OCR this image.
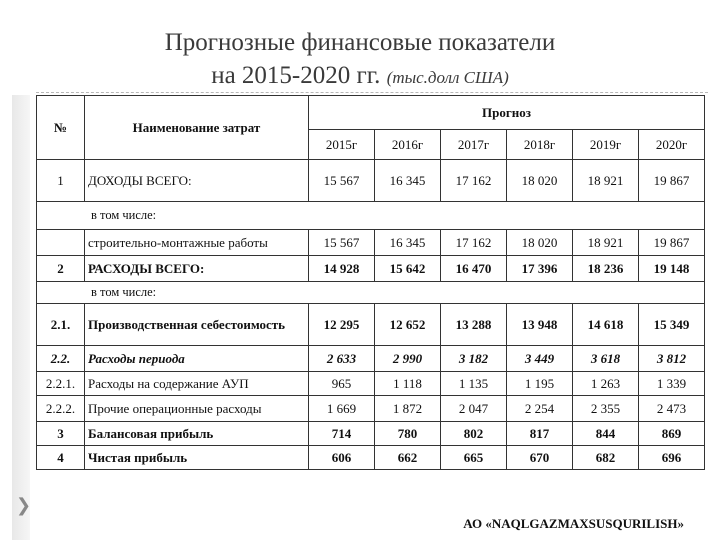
Прогнозные финансовые показатели
на 2015-2020 гг. (тыс.долл США)
❯
№	Наименование затрат	Прогноз					
		2015г	2016г	2017г	2018г	2019г	2020г
1	ДОХОДЫ ВСЕГО:	15 567	16 345	17 162	18 020	18 921	19 867
в том числе:							
	строительно-монтажные работы	15 567	16 345	17 162	18 020	18 921	19 867
2	РАСХОДЫ ВСЕГО:	14 928	15 642	16 470	17 396	18 236	19 148
в том числе:							
2.1.	Производственная себестоимость	12 295	12 652	13 288	13 948	14 618	15 349
2.2.	Расходы периода	2 633	2 990	3 182	3 449	3 618	3 812
2.2.1.	Расходы на содержание АУП	965	1 118	1 135	1 195	1 263	1 339
2.2.2.	Прочие операционные расходы	1 669	1 872	2 047	2 254	2 355	2 473
3	Балансовая прибыль	714	780	802	817	844	869
4	Чистая прибыль	606	662	665	670	682	696
АО «NAQLGAZMAXSUSQURILISH»
